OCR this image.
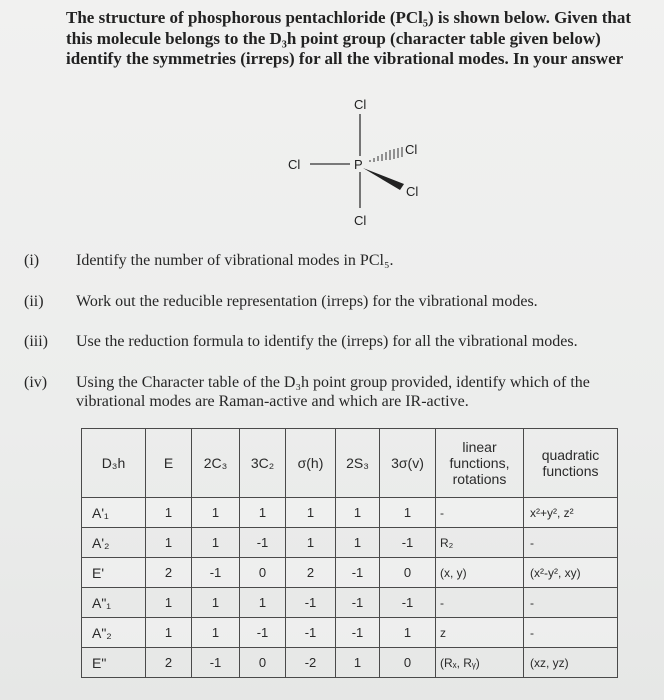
The structure of phosphorous pentachloride (PCl₅) is shown below. Given that this molecule belongs to the D₃h point group (character table given below) identify the symmetries (irreps) for all the vibrational modes. In your answer
Cl
Cl	P
Cl
Cl
Cl
(i)	Identify the number of vibrational modes in PCl₅.
(ii)	Work out the reducible representation (irreps) for the vibrational modes.
(iii)	Use the reduction formula to identify the (irreps) for all the vibrational modes.
(iv)	Using the Character table of the D₃h point group provided, identify which of the vibrational modes are Raman-active and which are IR-active.
D₃h	E	2C₃	3C₂	σ(h)	2S₃	3σ(v)	linear functions, rotations	quadratic functions
A'₁	1	1	1	1	1	1	-	x²+y², z²
A'₂	1	1	-1	1	1	-1	R₂	-
E'	2	-1	0	2	-1	0	(x, y)	(x²-y², xy)
A"₁	1	1	1	-1	-1	-1	-	-
A"₂	1	1	-1	-1	-1	1	z	-
E"	2	-1	0	-2	1	0	(Rₓ, Rᵧ)	(xz, yz)
